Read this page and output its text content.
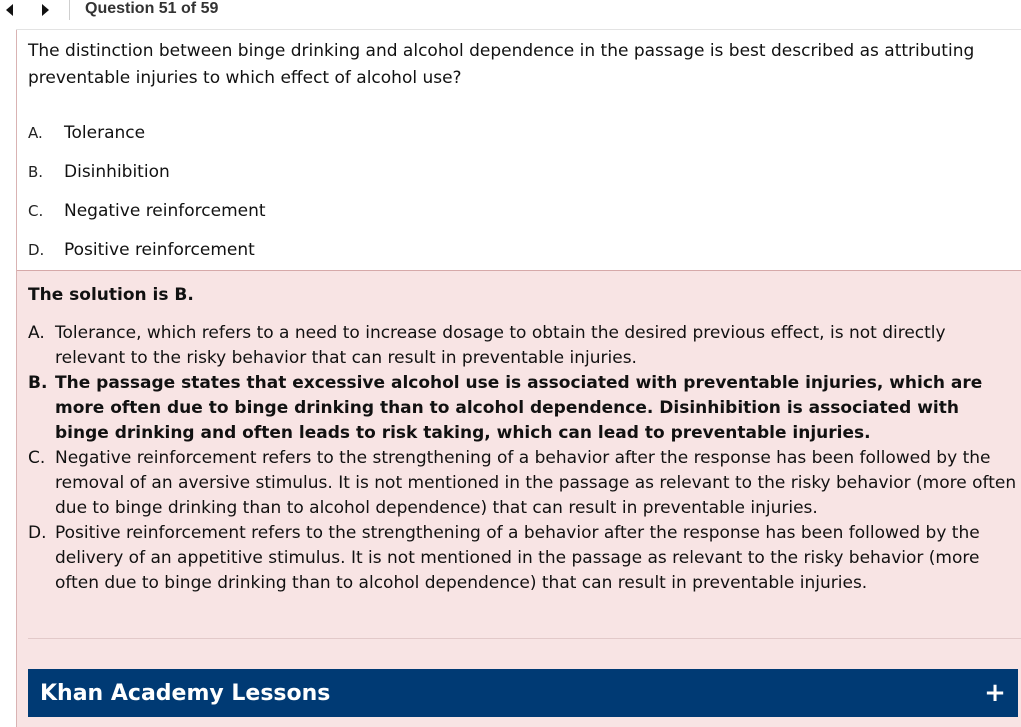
Question 51 of 59
The distinction between binge drinking and alcohol dependence in the passage is best described as attributing preventable injuries to which effect of alcohol use?
A.	Tolerance
B.	Disinhibition
C.	Negative reinforcement
D.	Positive reinforcement
The solution is B.
A. Tolerance, which refers to a need to increase dosage to obtain the desired previous effect, is not directly relevant to the risky behavior that can result in preventable injuries.
B. The passage states that excessive alcohol use is associated with preventable injuries, which are more often due to binge drinking than to alcohol dependence. Disinhibition is associated with binge drinking and often leads to risk taking, which can lead to preventable injuries.
C. Negative reinforcement refers to the strengthening of a behavior after the response has been followed by the removal of an aversive stimulus. It is not mentioned in the passage as relevant to the risky behavior (more often due to binge drinking than to alcohol dependence) that can result in preventable injuries.
D. Positive reinforcement refers to the strengthening of a behavior after the response has been followed by the delivery of an appetitive stimulus. It is not mentioned in the passage as relevant to the risky behavior (more often due to binge drinking than to alcohol dependence) that can result in preventable injuries.
Khan Academy Lessons	+
